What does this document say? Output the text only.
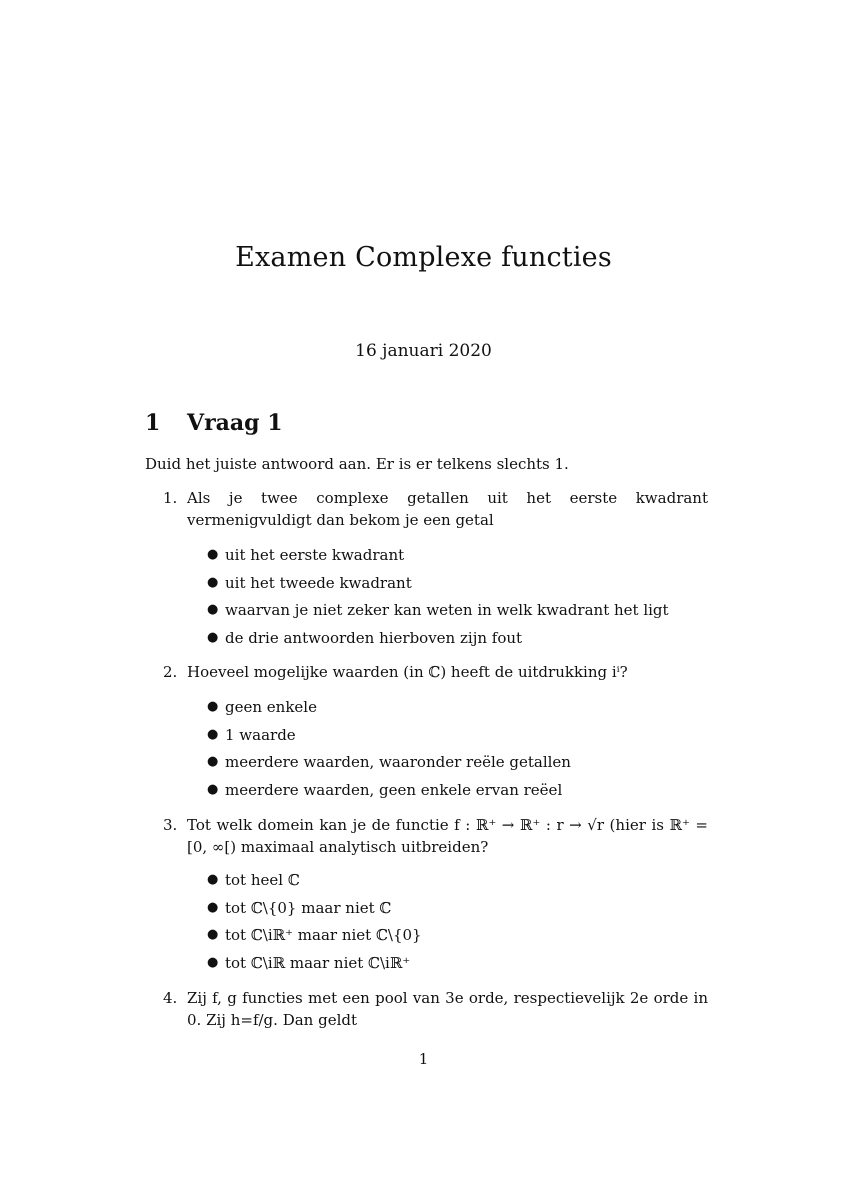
Examen Complexe functies
16 januari 2020
1 Vraag 1
Duid het juiste antwoord aan. Er is er telkens slechts 1.
1. Als je twee complexe getallen uit het eerste kwadrant vermenigvuldigt dan bekom je een getal
● uit het eerste kwadrant
● uit het tweede kwadrant
● waarvan je niet zeker kan weten in welk kwadrant het ligt
● de drie antwoorden hierboven zijn fout
2. Hoeveel mogelijke waarden (in ℂ) heeft de uitdrukking iⁱ?
● geen enkele
● 1 waarde
● meerdere waarden, waaronder reële getallen
● meerdere waarden, geen enkele ervan reëel
3. Tot welk domein kan je de functie f : ℝ⁺ → ℝ⁺ : r → √r (hier is ℝ⁺ = [0, ∞[) maximaal analytisch uitbreiden?
● tot heel ℂ
● tot ℂ\{0} maar niet ℂ
● tot ℂ\iℝ⁺ maar niet ℂ\{0}
● tot ℂ\iℝ maar niet ℂ\iℝ⁺
4. Zij f, g functies met een pool van 3e orde, respectievelijk 2e orde in 0. Zij h=f/g. Dan geldt
1
